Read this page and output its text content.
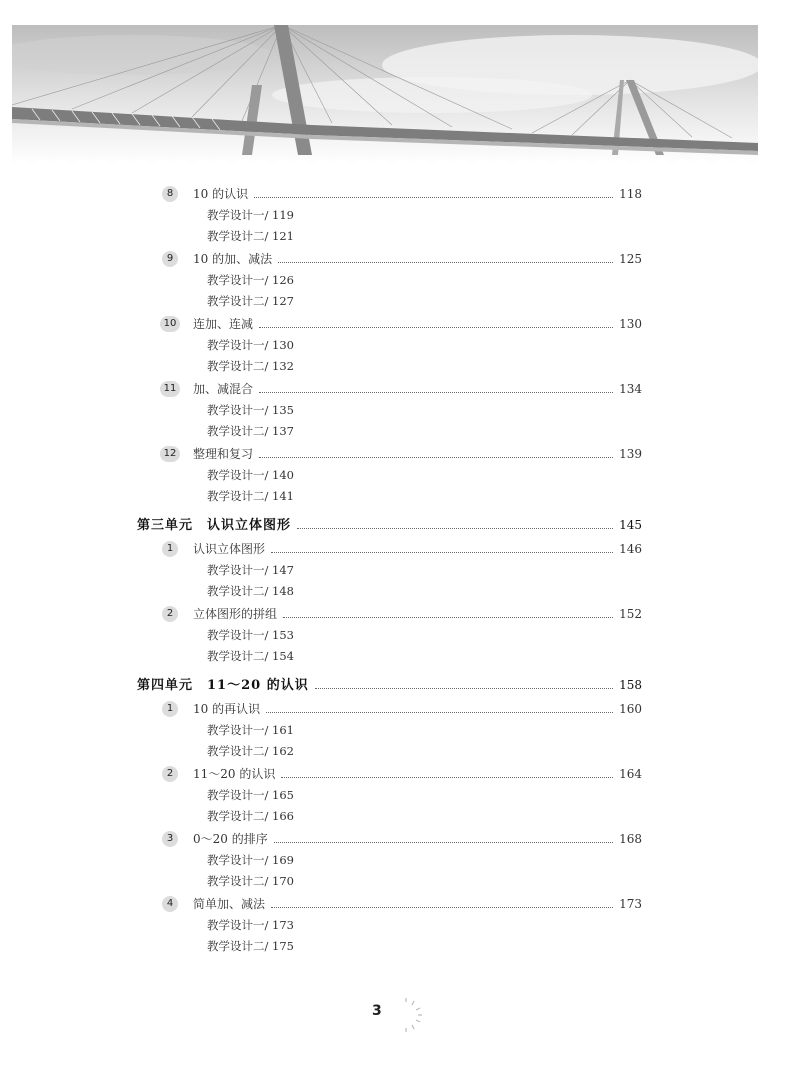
8	10 的认识	118
教学设计一/ 119
教学设计二/ 121
9	10 的加、减法	125
教学设计一/ 126
教学设计二/ 127
10	连加、连减	130
教学设计一/ 130
教学设计二/ 132
11	加、减混合	134
教学设计一/ 135
教学设计二/ 137
12	整理和复习	139
教学设计一/ 140
教学设计二/ 141
第三单元　认识立体图形	145
1	认识立体图形	146
教学设计一/ 147
教学设计二/ 148
2	立体图形的拼组	152
教学设计一/ 153
教学设计二/ 154
第四单元　11～20 的认识	158
1	10 的再认识	160
教学设计一/ 161
教学设计二/ 162
2	11～20 的认识	164
教学设计一/ 165
教学设计二/ 166
3	0～20 的排序	168
教学设计一/ 169
教学设计二/ 170
4	简单加、减法	173
教学设计一/ 173
教学设计二/ 175
3
